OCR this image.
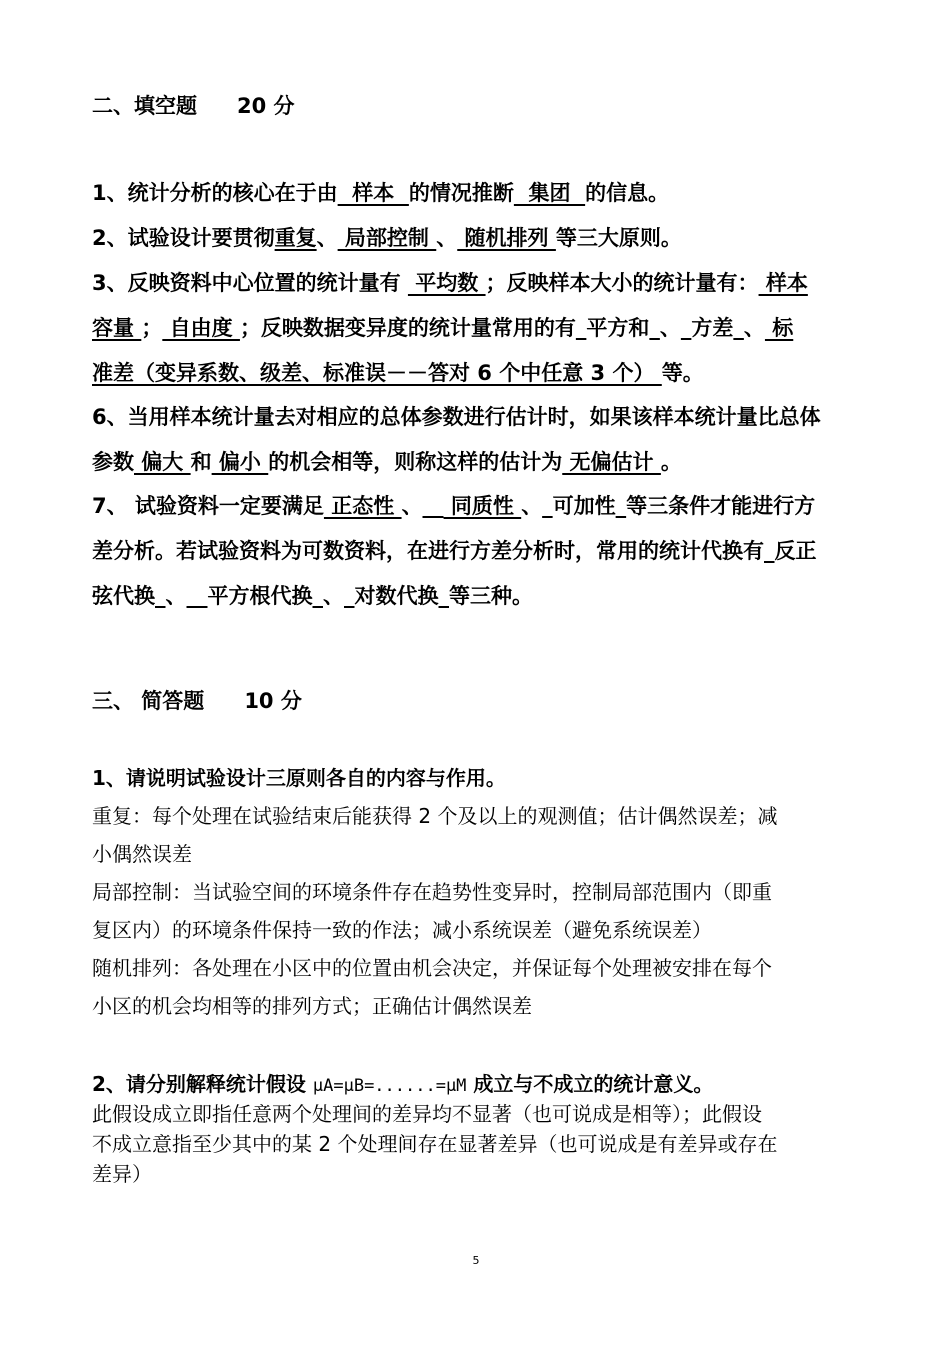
二、填空题 20 分
1、统计分析的核心在于由  样本  的情况推断  集团  的信息。
2、试验设计要贯彻重复、 局部控制 、 随机排列 等三大原则。
3、反映资料中心位置的统计量有  平均数 ；反映样本大小的统计量有： 样本
容量 ； 自由度 ；反映数据变异度的统计量常用的有_平方和_、_方差_、 标
准差（变异系数、级差、标准误－－答对 6 个中任意 3 个） 等。
6、当用样本统计量去对相应的总体参数进行估计时，如果该样本统计量比总体
参数 偏大 和 偏小 的机会相等，则称这样的估计为 无偏估计 。
7、 试验资料一定要满足 正态性 、__ 同质性 、_可加性_等三条件才能进行方
差分析。若试验资料为可数资料，在进行方差分析时，常用的统计代换有_反正
弦代换_、__平方根代换_、_对数代换_等三种。
三、 简答题 10 分
1、请说明试验设计三原则各自的内容与作用。
重复：每个处理在试验结束后能获得 2 个及以上的观测值；估计偶然误差；减
小偶然误差
局部控制：当试验空间的环境条件存在趋势性变异时，控制局部范围内（即重
复区内）的环境条件保持一致的作法；减小系统误差（避免系统误差）
随机排列：各处理在小区中的位置由机会决定，并保证每个处理被安排在每个
小区的机会均相等的排列方式；正确估计偶然误差
2、请分别解释统计假设 μA=μB=......=μM 成立与不成立的统计意义。
此假设成立即指任意两个处理间的差异均不显著（也可说成是相等）；此假设
不成立意指至少其中的某 2 个处理间存在显著差异（也可说成是有差异或存在
差异）
5
